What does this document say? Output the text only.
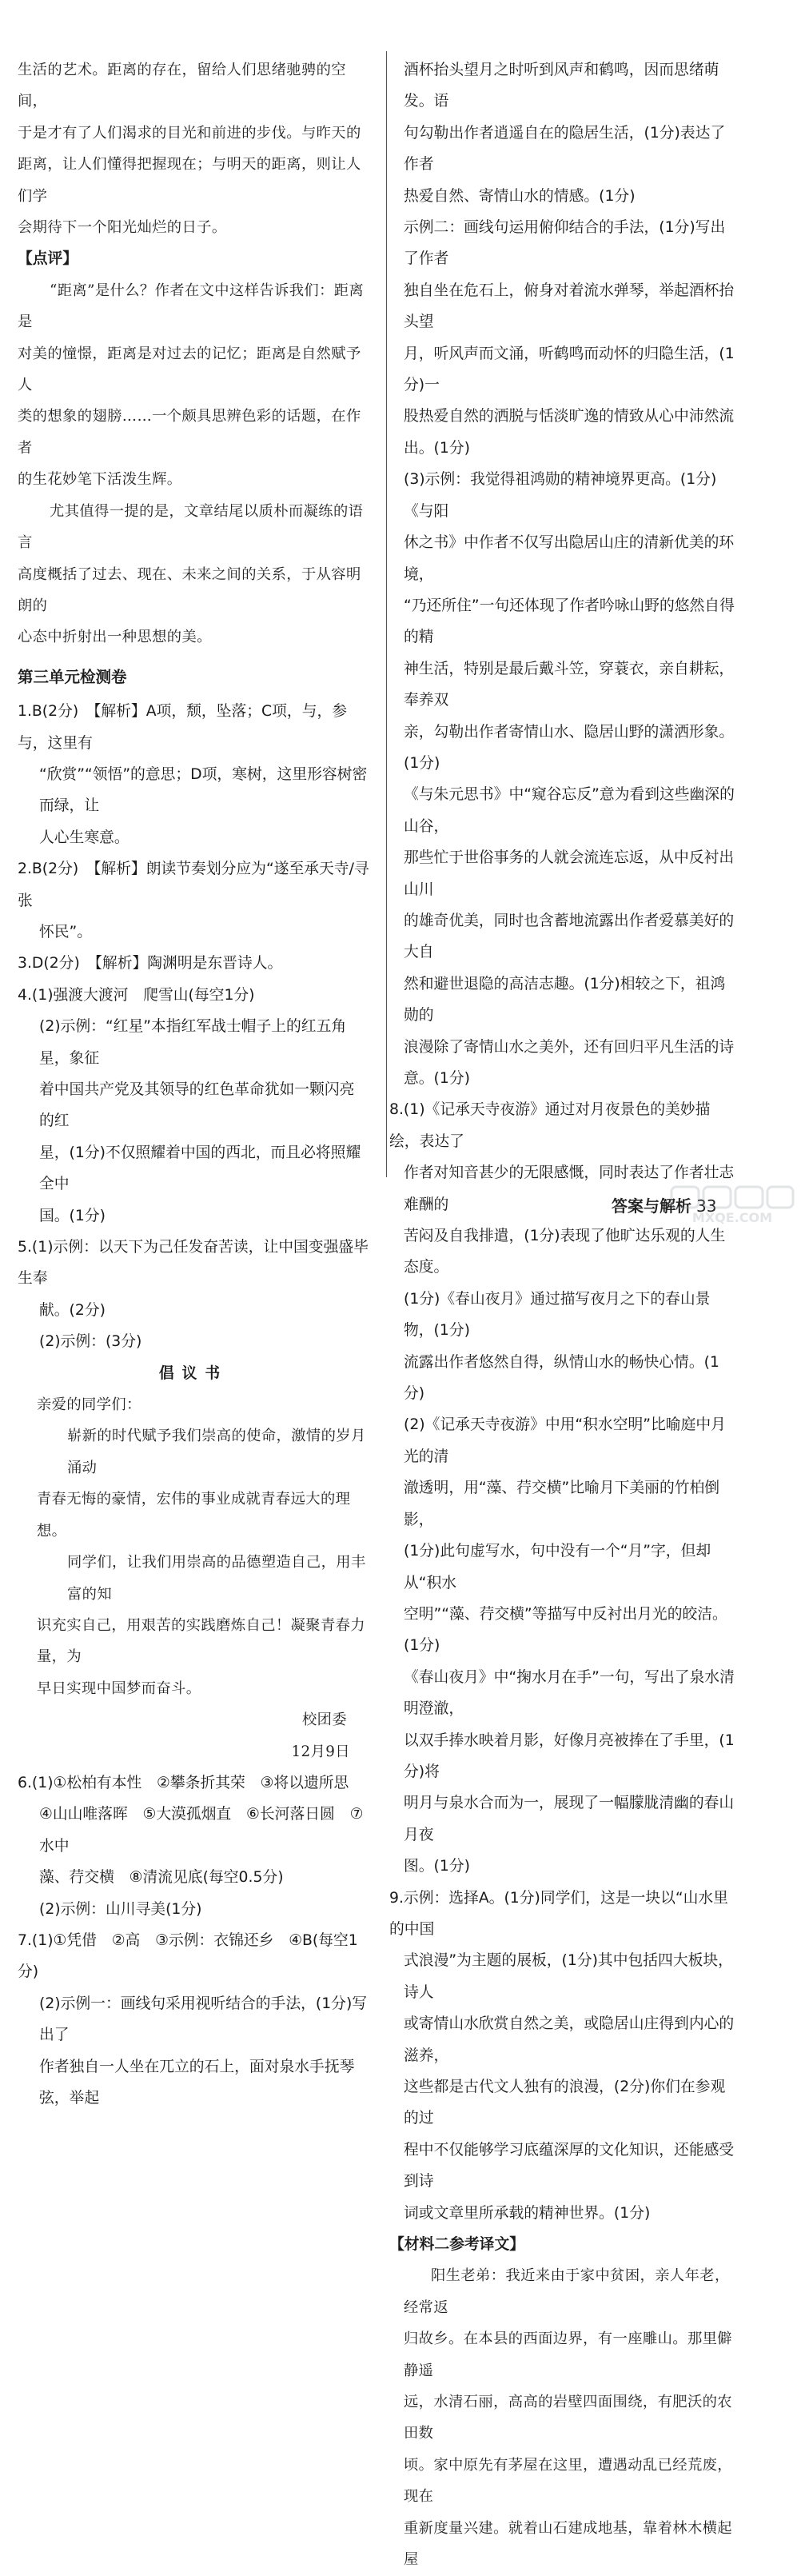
生活的艺术。距离的存在，留给人们思绪驰骋的空间，

于是才有了人们渴求的目光和前进的步伐。与昨天的

距离，让人们懂得把握现在；与明天的距离，则让人们学

会期待下一个阳光灿烂的日子。

【点评】

“距离”是什么？作者在文中这样告诉我们：距离是

对美的憧憬，距离是对过去的记忆；距离是自然赋予人

类的想象的翅膀……一个颇具思辨色彩的话题，在作者

的生花妙笔下活泼生辉。

尤其值得一提的是，文章结尾以质朴而凝练的语言

高度概括了过去、现在、未来之间的关系，于从容明朗的

心态中折射出一种思想的美。

第三单元检测卷

1.B(2分)　【解析】A项，颓，坠落；C项，与，参与，这里有

“欣赏”“领悟”的意思；D项，寒树，这里形容树密而绿，让

人心生寒意。

2.B(2分)　【解析】朗读节奏划分应为“遂至承天寺/寻张

怀民”。

3.D(2分)　【解析】陶渊明是东晋诗人。

4.(1)强渡大渡河　爬雪山(每空1分)

(2)示例：“红星”本指红军战士帽子上的红五角星，象征

着中国共产党及其领导的红色革命犹如一颗闪亮的红

星，(1分)不仅照耀着中国的西北，而且必将照耀全中

国。(1分)

5.(1)示例：以天下为己任发奋苦读，让中国变强盛毕生奉

献。(2分)

(2)示例：(3分)

倡议书

亲爱的同学们：

崭新的时代赋予我们崇高的使命，激情的岁月涌动

青春无悔的豪情，宏伟的事业成就青春远大的理想。

同学们，让我们用崇高的品德塑造自己，用丰富的知

识充实自己，用艰苦的实践磨炼自己！凝聚青春力量，为

早日实现中国梦而奋斗。

校团委

12月9日

6.(1)①松柏有本性　②攀条折其荣　③将以遗所思

④山山唯落晖　⑤大漠孤烟直　⑥长河落日圆　⑦水中

藻、荇交横　⑧清流见底(每空0.5分)

(2)示例：山川寻美(1分)

7.(1)①凭借　②高　③示例：衣锦还乡　④B(每空1分)

(2)示例一：画线句采用视听结合的手法，(1分)写出了

作者独自一人坐在兀立的石上，面对泉水手抚琴弦，举起

酒杯抬头望月之时听到风声和鹤鸣，因而思绪萌发。语

句勾勒出作者逍遥自在的隐居生活，(1分)表达了作者

热爱自然、寄情山水的情感。(1分)

示例二：画线句运用俯仰结合的手法，(1分)写出了作者

独自坐在危石上，俯身对着流水弹琴，举起酒杯抬头望

月，听风声而文涌，听鹤鸣而动怀的归隐生活，(1分)一

股热爱自然的洒脱与恬淡旷逸的情致从心中沛然流

出。(1分)

(3)示例：我觉得祖鸿勋的精神境界更高。(1分)《与阳

休之书》中作者不仅写出隐居山庄的清新优美的环境，

“乃还所住”一句还体现了作者吟咏山野的悠然自得的精

神生活，特别是最后戴斗笠，穿蓑衣，亲自耕耘，奉养双

亲，勾勒出作者寄情山水、隐居山野的潇洒形象。(1分)

《与朱元思书》中“窥谷忘反”意为看到这些幽深的山谷，

那些忙于世俗事务的人就会流连忘返，从中反衬出山川

的雄奇优美，同时也含蓄地流露出作者爱慕美好的大自

然和避世退隐的高洁志趣。(1分)相较之下，祖鸿勋的

浪漫除了寄情山水之美外，还有回归平凡生活的诗

意。(1分)

8.(1)《记承天寺夜游》通过对月夜景色的美妙描绘，表达了

作者对知音甚少的无限感慨，同时表达了作者壮志难酬的

苦闷及自我排遣，(1分)表现了他旷达乐观的人生态度。

(1分)《春山夜月》通过描写夜月之下的春山景物，(1分)

流露出作者悠然自得，纵情山水的畅快心情。(1分)

(2)《记承天寺夜游》中用“积水空明”比喻庭中月光的清

澈透明，用“藻、荇交横”比喻月下美丽的竹柏倒影，

(1分)此句虚写水，句中没有一个“月”字，但却从“积水

空明”“藻、荇交横”等描写中反衬出月光的皎洁。(1分)

《春山夜月》中“掬水月在手”一句，写出了泉水清明澄澈，

以双手捧水映着月影，好像月亮被捧在了手里，(1分)将

明月与泉水合而为一，展现了一幅朦胧清幽的春山月夜

图。(1分)

9.示例：选择A。(1分)同学们，这是一块以“山水里的中国

式浪漫”为主题的展板，(1分)其中包括四大板块，诗人

或寄情山水欣赏自然之美，或隐居山庄得到内心的滋养，

这些都是古代文人独有的浪漫，(2分)你们在参观的过

程中不仅能够学习底蕴深厚的文化知识，还能感受到诗

词或文章里所承载的精神世界。(1分)

【材料二参考译文】

阳生老弟：我近来由于家中贫困，亲人年老，经常返

归故乡。在本县的西面边界，有一座雕山。那里僻静遥

远，水清石丽，高高的岩壁四面围绕，有肥沃的农田数

顷。家中原先有茅屋在这里，遭遇动乱已经荒废，现在

重新度量兴建。就着山石建成地基，靠着林木横起屋

答案与解析 33
MXQE.COM
